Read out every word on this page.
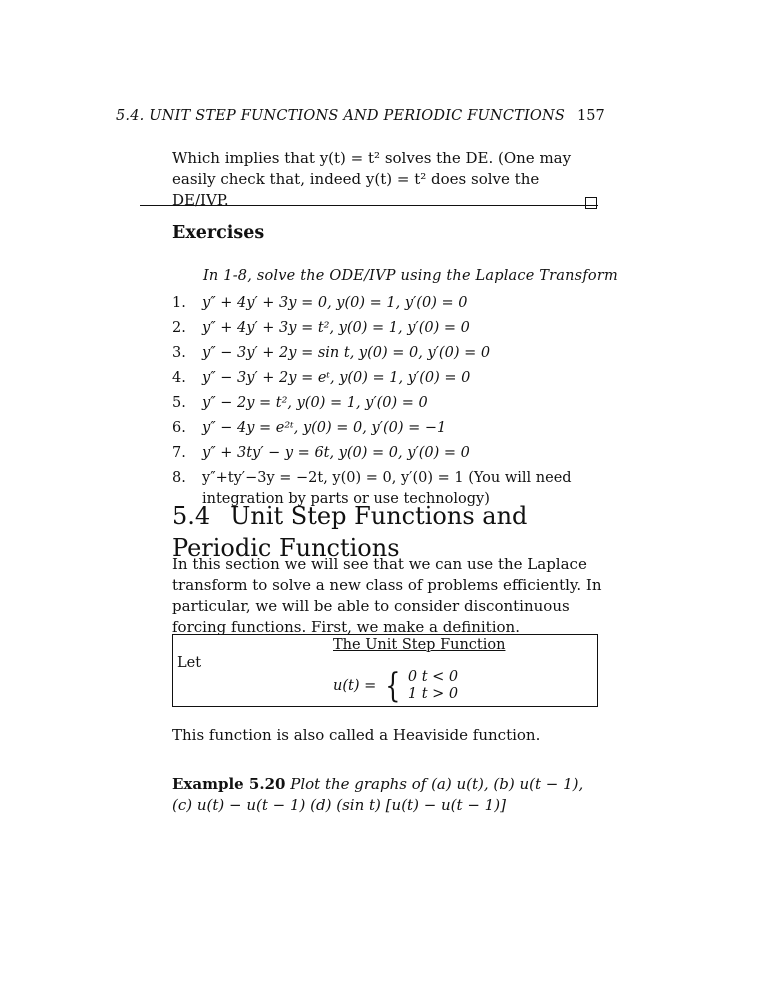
5.4. UNIT STEP FUNCTIONS AND PERIODIC FUNCTIONS 157
Which implies that y(t) = t² solves the DE. (One may easily check that, indeed y(t) = t² does solve the DE/IVP.
Exercises
In 1-8, solve the ODE/IVP using the Laplace Transform
1. y″ + 4y′ + 3y = 0, y(0) = 1, y′(0) = 0
2. y″ + 4y′ + 3y = t², y(0) = 1, y′(0) = 0
3. y″ − 3y′ + 2y = sin t, y(0) = 0, y′(0) = 0
4. y″ − 3y′ + 2y = eᵗ, y(0) = 1, y′(0) = 0
5. y″ − 2y = t², y(0) = 1, y′(0) = 0
6. y″ − 4y = e²ᵗ, y(0) = 0, y′(0) = −1
7. y″ + 3ty′ − y = 6t, y(0) = 0, y′(0) = 0
8. y″+ty′−3y = −2t, y(0) = 0, y′(0) = 1 (You will need integration by parts or use technology)
5.4 Unit Step Functions and Periodic Functions

In this section we will see that we can use the Laplace transform to solve a new class of problems efficiently. In particular, we will be able to consider discontinuous forcing functions. First, we make a definition.

The Unit Step Function
Let
u(t) = { 0 t < 0
1 t > 0
This function is also called a Heaviside function.
Example 5.20 Plot the graphs of (a) u(t), (b) u(t − 1), (c) u(t) − u(t − 1) (d) (sin t) [u(t) − u(t − 1)]
